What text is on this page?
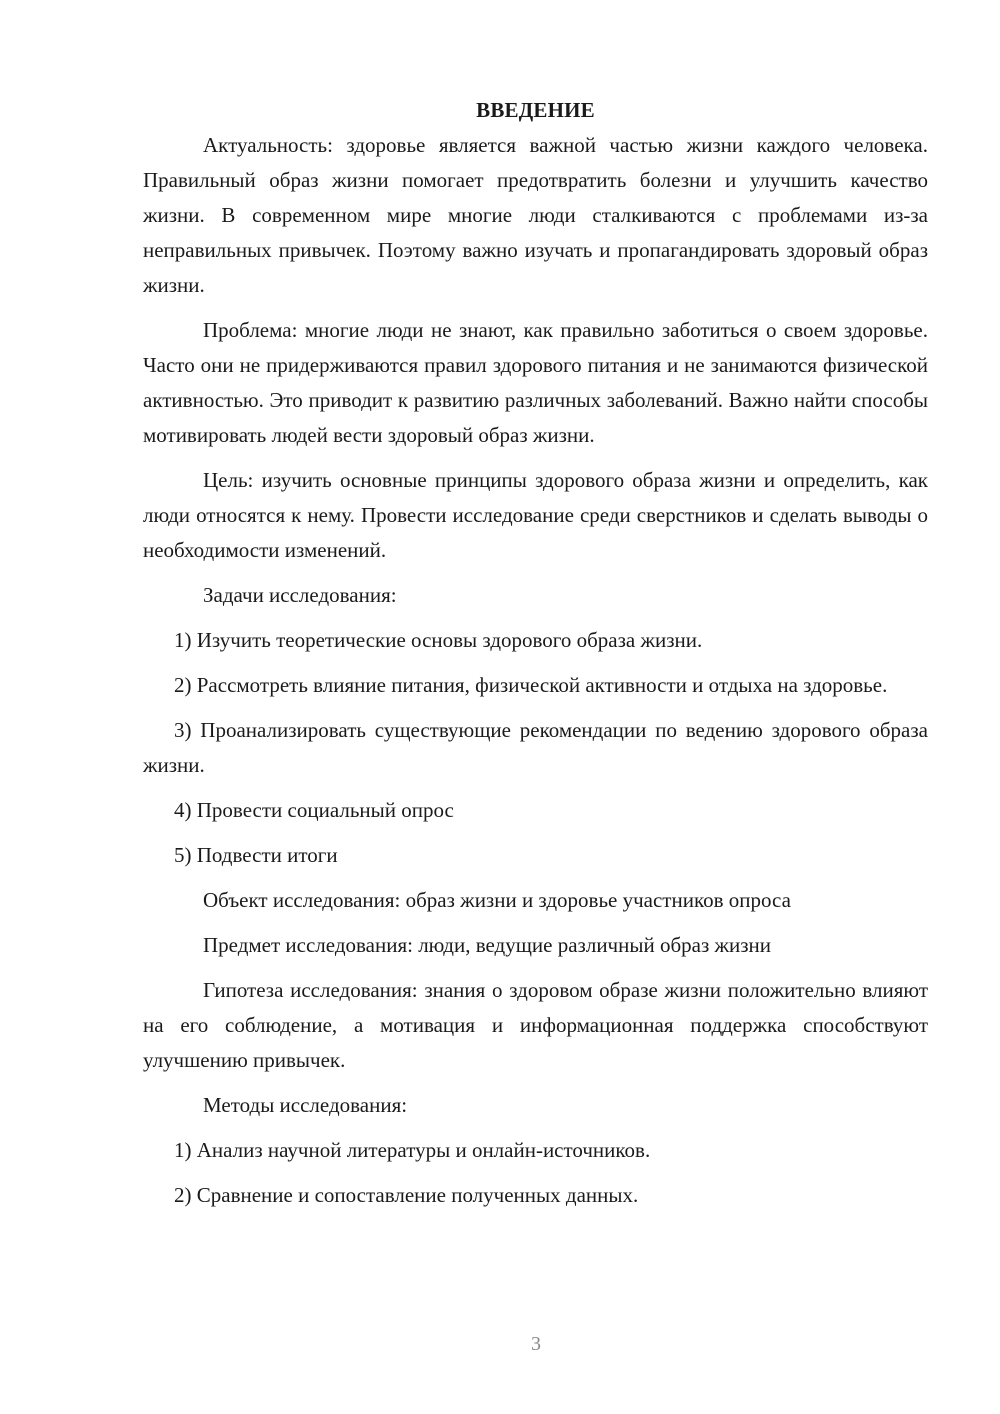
ВВЕДЕНИЕ

Актуальность: здоровье является важной частью жизни каждого человека. Правильный образ жизни помогает предотвратить болезни и улучшить качество жизни. В современном мире многие люди сталкиваются с проблемами из-за неправильных привычек. Поэтому важно изучать и пропагандировать здоровый образ жизни.

Проблема: многие люди не знают, как правильно заботиться о своем здоровье. Часто они не придерживаются правил здорового питания и не занимаются физической активностью. Это приводит к развитию различных заболеваний. Важно найти способы мотивировать людей вести здоровый образ жизни.

Цель: изучить основные принципы здорового образа жизни и определить, как люди относятся к нему. Провести исследование среди сверстников и сделать выводы о необходимости изменений.

Задачи исследования:

1) Изучить теоретические основы здорового образа жизни.

2) Рассмотреть влияние питания, физической активности и отдыха на здоровье.

3) Проанализировать существующие рекомендации по ведению здорового образа жизни.

4) Провести социальный опрос

5) Подвести итоги

Объект исследования: образ жизни и здоровье участников опроса

Предмет исследования: люди, ведущие различный образ жизни

Гипотеза исследования: знания о здоровом образе жизни положительно влияют на его соблюдение, а мотивация и информационная поддержка способствуют улучшению привычек.

Методы исследования:

1) Анализ научной литературы и онлайн-источников.

2) Сравнение и сопоставление полученных данных.

3
